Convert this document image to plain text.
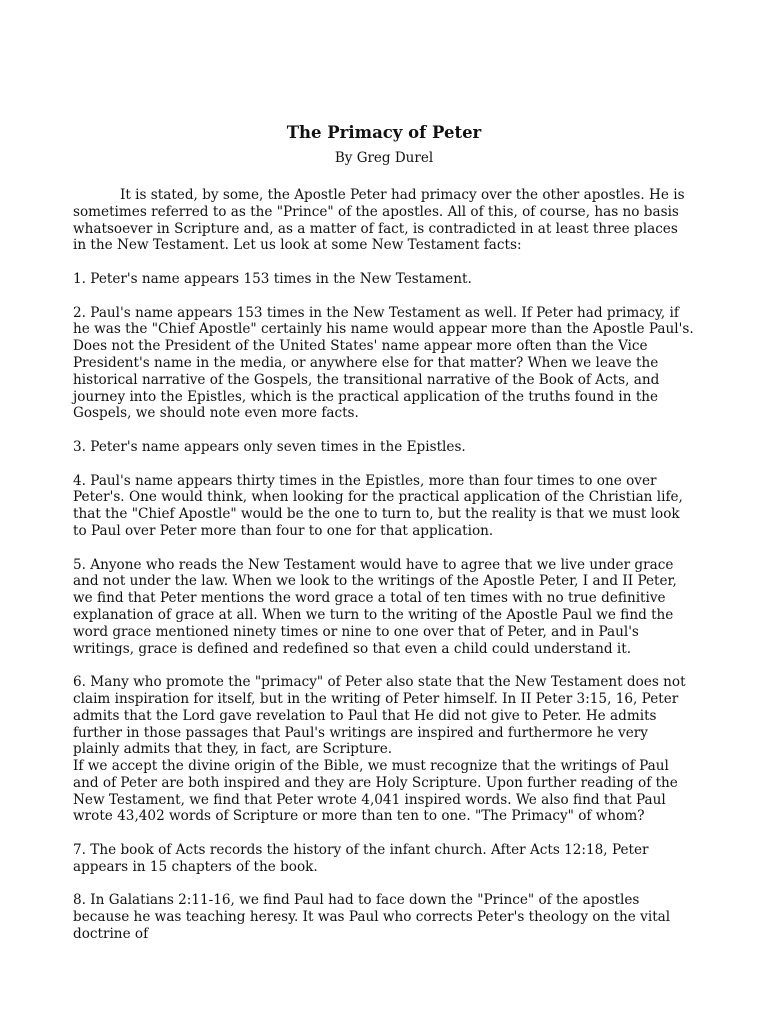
The Primacy of Peter

By Greg Durel

It is stated, by some, the Apostle Peter had primacy over the other apostles. He is sometimes referred to as the "Prince" of the apostles. All of this, of course, has no basis whatsoever in Scripture and, as a matter of fact, is contradicted in at least three places in the New Testament. Let us look at some New Testament facts:

1. Peter's name appears 153 times in the New Testament.

2. Paul's name appears 153 times in the New Testament as well. If Peter had primacy, if he was the "Chief Apostle" certainly his name would appear more than the Apostle Paul's. Does not the President of the United States' name appear more often than the Vice President's name in the media, or anywhere else for that matter? When we leave the historical narrative of the Gospels, the transitional narrative of the Book of Acts, and journey into the Epistles, which is the practical application of the truths found in the Gospels, we should note even more facts.

3. Peter's name appears only seven times in the Epistles.

4. Paul's name appears thirty times in the Epistles, more than four times to one over Peter's. One would think, when looking for the practical application of the Christian life, that the "Chief Apostle" would be the one to turn to, but the reality is that we must look to Paul over Peter more than four to one for that application.

5. Anyone who reads the New Testament would have to agree that we live under grace and not under the law. When we look to the writings of the Apostle Peter, I and II Peter, we find that Peter mentions the word grace a total of ten times with no true definitive explanation of grace at all. When we turn to the writing of the Apostle Paul we find the word grace mentioned ninety times or nine to one over that of Peter, and in Paul's writings, grace is defined and redefined so that even a child could understand it.

6. Many who promote the "primacy" of Peter also state that the New Testament does not claim inspiration for itself, but in the writing of Peter himself. In II Peter 3:15, 16, Peter admits that the Lord gave revelation to Paul that He did not give to Peter. He admits further in those passages that Paul's writings are inspired and furthermore he very plainly admits that they, in fact, are Scripture.

If we accept the divine origin of the Bible, we must recognize that the writings of Paul and of Peter are both inspired and they are Holy Scripture. Upon further reading of the New Testament, we find that Peter wrote 4,041 inspired words. We also find that Paul wrote 43,402 words of Scripture or more than ten to one. "The Primacy" of whom?

7. The book of Acts records the history of the infant church. After Acts 12:18, Peter appears in 15 chapters of the book.

8. In Galatians 2:11-16, we find Paul had to face down the "Prince" of the apostles because he was teaching heresy. It was Paul who corrects Peter's theology on the vital doctrine of
